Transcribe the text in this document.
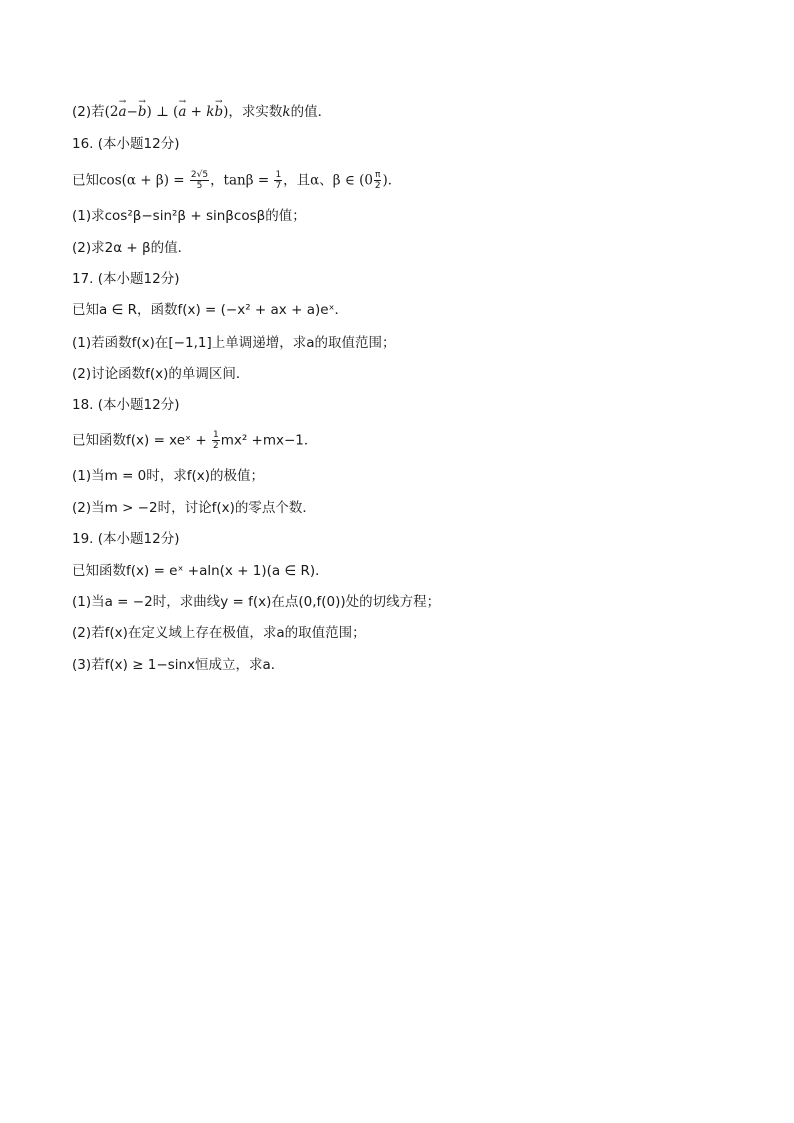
(2)若(2→ a−→ b) ⊥ (→ a + k→ b)，求实数k的值．
16. (本小题12分)
已知$\cos(\alpha + \beta) = \frac{2√5}{5}$ ，$\tan\beta = \frac{1}{7}$ ，且α、β ∈ ($0 \frac{\pi}{2}$ )．
(1)求cos²β−sin²β + sinβcosβ的值；
(2)求2α + β的值．
17. (本小题12分)
已知a ∈ R，函数f(x) = (−x² + ax + a)eˣ．
(1)若函数f(x)在[−1,1]上单调递增，求a的取值范围；
(2)讨论函数f(x)的单调区间．
18. (本小题12分)
已知函数f(x) = xeˣ + $\frac{1}{2} mx^2 +mx-1$．
(1)当m = 0时，求f(x)的极值；
(2)当m > −2时，讨论f(x)的零点个数．
19. (本小题12分)
已知函数f(x) = eˣ +aln(x + 1)(a ∈ R)．
(1)当a = −2时，求曲线y = f(x)在点(0,f(0))处的切线方程；
(2)若f(x)在定义域上存在极值，求a的取值范围；
(3)若f(x) ≥ 1−sinx恒成立，求a．
